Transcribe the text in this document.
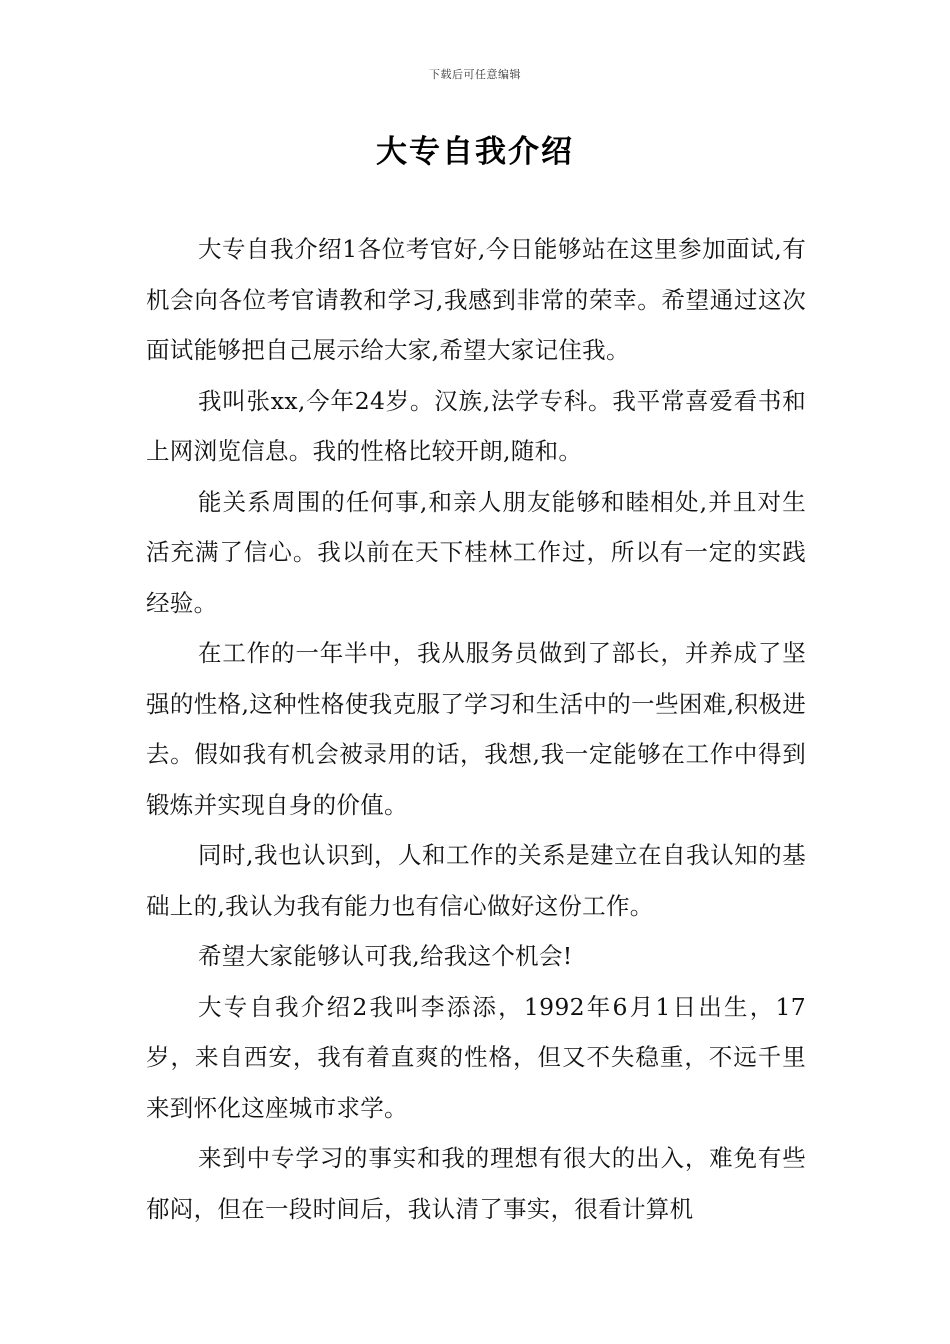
下载后可任意编辑
大专自我介绍

大专自我介绍1各位考官好,今日能够站在这里参加面试,有机会向各位考官请教和学习,我感到非常的荣幸。希望通过这次面试能够把自己展示给大家,希望大家记住我。

我叫张xx,今年24岁。汉族,法学专科。我平常喜爱看书和上网浏览信息。我的性格比较开朗,随和。

能关系周围的任何事,和亲人朋友能够和睦相处,并且对生活充满了信心。我以前在天下桂林工作过，所以有一定的实践经验。

在工作的一年半中，我从服务员做到了部长，并养成了坚强的性格,这种性格使我克服了学习和生活中的一些困难,积极进去。假如我有机会被录用的话，我想,我一定能够在工作中得到锻炼并实现自身的价值。

同时,我也认识到，人和工作的关系是建立在自我认知的基础上的,我认为我有能力也有信心做好这份工作。

希望大家能够认可我,给我这个机会!

大专自我介绍2我叫李添添，1992年6月1日出生，17岁，来自西安，我有着直爽的性格，但又不失稳重，不远千里来到怀化这座城市求学。

来到中专学习的事实和我的理想有很大的出入，难免有些郁闷，但在一段时间后，我认清了事实，很看计算机
